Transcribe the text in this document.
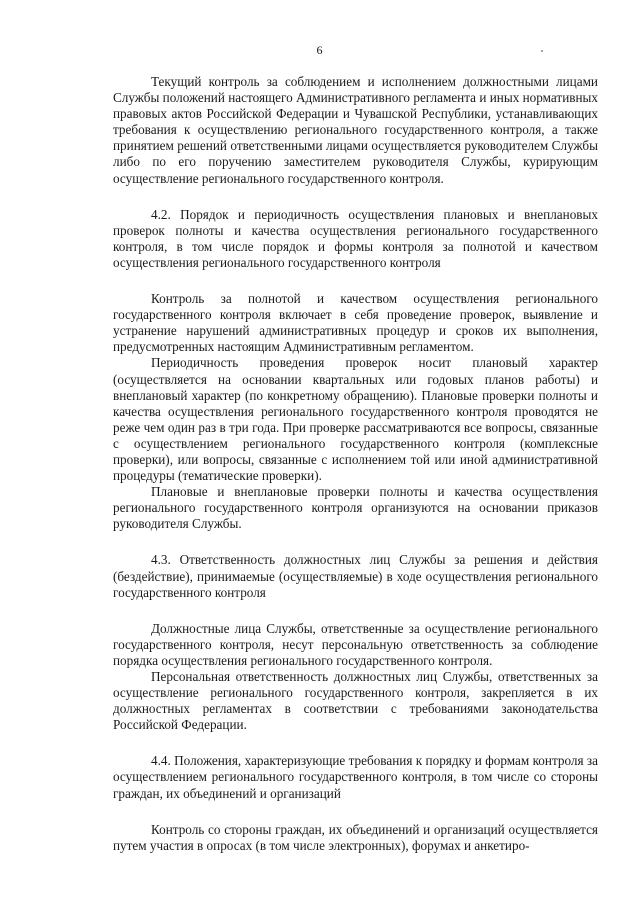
6

Текущий контроль за соблюдением и исполнением должностными лицами Службы положений настоящего Административного регламента и иных нормативных правовых актов Российской Федерации и Чувашской Республики, устанавливающих требования к осуществлению регионального государственного контроля, а также принятием решений ответственными лицами осуществляется руководителем Службы либо по его поручению заместителем руководителя Службы, курирующим осуществление регионального государственного контроля.

4.2. Порядок и периодичность осуществления плановых и внеплановых проверок полноты и качества осуществления регионального государственного контроля, в том числе порядок и формы контроля за полнотой и качеством осуществления регионального государственного контроля

Контроль за полнотой и качеством осуществления регионального государственного контроля включает в себя проведение проверок, выявление и устранение нарушений административных процедур и сроков их выполнения, предусмотренных настоящим Административным регламентом.

Периодичность проведения проверок носит плановый характер (осуществляется на основании квартальных или годовых планов работы) и внеплановый характер (по конкретному обращению). Плановые проверки полноты и качества осуществления регионального государственного контроля проводятся не реже чем один раз в три года. При проверке рассматриваются все вопросы, связанные с осуществлением регионального государственного контроля (комплексные проверки), или вопросы, связанные с исполнением той или иной административной процедуры (тематические проверки).

Плановые и внеплановые проверки полноты и качества осуществления регионального государственного контроля организуются на основании приказов руководителя Службы.

4.3. Ответственность должностных лиц Службы за решения и действия (бездействие), принимаемые (осуществляемые) в ходе осуществления регионального государственного контроля

Должностные лица Службы, ответственные за осуществление регионального государственного контроля, несут персональную ответственность за соблюдение порядка осуществления регионального государственного контроля.

Персональная ответственность должностных лиц Службы, ответственных за осуществление регионального государственного контроля, закрепляется в их должностных регламентах в соответствии с требованиями законодательства Российской Федерации.

4.4. Положения, характеризующие требования к порядку и формам контроля за осуществлением регионального государственного контроля, в том числе со стороны граждан, их объединений и организаций

Контроль со стороны граждан, их объединений и организаций осуществляется путем участия в опросах (в том числе электронных), форумах и анкетиро-
